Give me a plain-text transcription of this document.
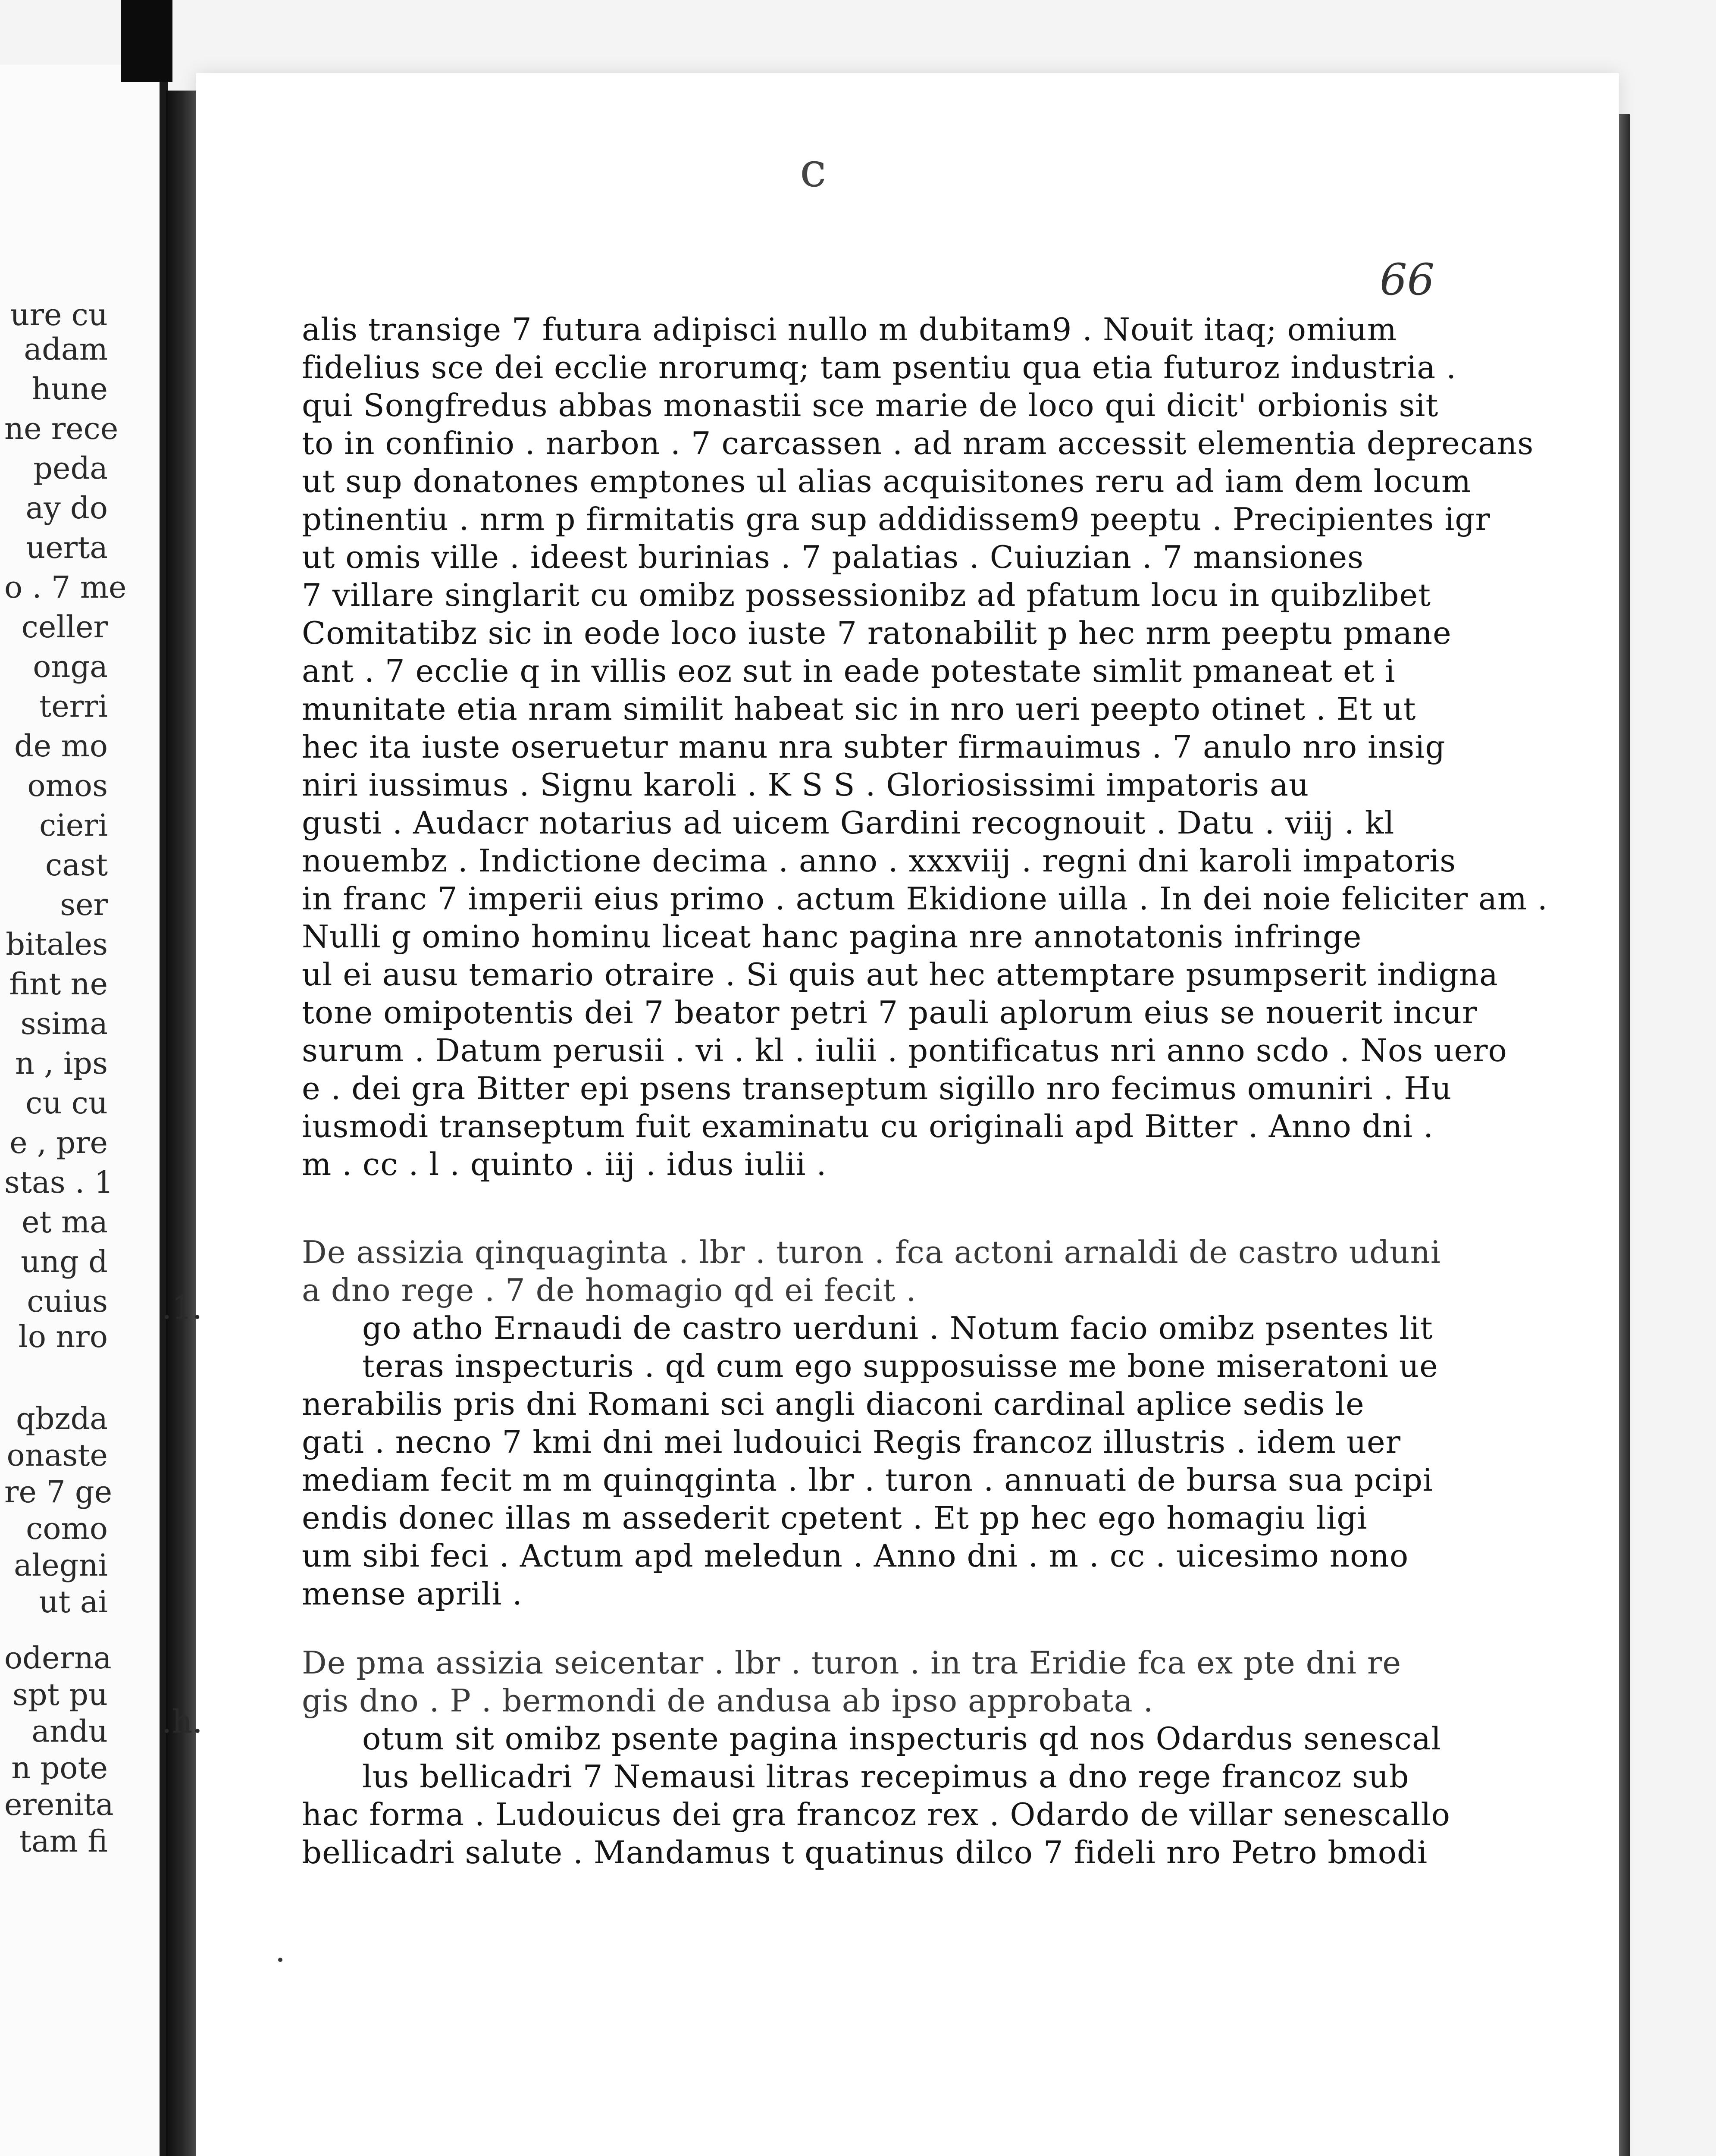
ure cu
adam
hune
ne rece
peda
ay do
uerta
o . 7 me
celler
onga
terri
de mo
omos
cieri
cast
ser
bitales
fint ne
ssima
n , ips
cu cu
e , pre
stas . 1
et ma
ung d
cuius
lo nro
qbzda
onaste
re 7 ge
como
alegni
ut ai
oderna
spt pu
andu
n pote
erenita
tam fi
.1.
.h.
c
66
alis transige 7 futura adipisci nullo m dubitam9 . Nouit itaq; omium
fidelius sce dei ecclie nrorumq; tam psentiu qua etia futuroz industria .
qui Songfredus abbas monastii sce marie de loco qui dicit' orbionis sit
to in confinio . narbon . 7 carcassen . ad nram accessit elementia deprecans
ut sup donatones emptones ul alias acquisitones reru ad iam dem locum
ptinentiu . nrm p firmitatis gra sup addidissem9 peeptu . Precipientes igr
ut omis ville . ideest burinias . 7 palatias . Cuiuzian . 7 mansiones
7 villare singlarit cu omibz possessionibz ad pfatum locu in quibzlibet
Comitatibz sic in eode loco iuste 7 ratonabilit p hec nrm peeptu pmane
ant . 7 ecclie q in villis eoz sut in eade potestate simlit pmaneat et i
munitate etia nram similit habeat sic in nro ueri peepto otinet . Et ut
hec ita iuste oseruetur manu nra subter firmauimus . 7 anulo nro insig
niri iussimus . Signu karoli . K S S . Gloriosissimi impatoris au
gusti . Audacr notarius ad uicem Gardini recognouit . Datu . viij . kl
nouembz . Indictione decima . anno . xxxviij . regni dni karoli impatoris
in franc 7 imperii eius primo . actum Ekidione uilla . In dei noie feliciter am .
Nulli g omino hominu liceat hanc pagina nre annotatonis infringe
ul ei ausu temario otraire . Si quis aut hec attemptare psumpserit indigna
tone omipotentis dei 7 beator petri 7 pauli aplorum eius se nouerit incur
surum . Datum perusii . vi . kl . iulii . pontificatus nri anno scdo . Nos uero
e . dei gra Bitter epi psens transeptum sigillo nro fecimus omuniri . Hu
iusmodi transeptum fuit examinatu cu originali apd Bitter . Anno dni .
m . cc . l . quinto . iij . idus iulii .
De assizia qinquaginta . lbr . turon . fca actoni arnaldi de castro uduni
a dno rege . 7 de homagio qd ei fecit .
go atho Ernaudi de castro uerduni . Notum facio omibz psentes lit
teras inspecturis . qd cum ego supposuisse me bone miseratoni ue
nerabilis pris dni Romani sci angli diaconi cardinal aplice sedis le
gati . necno 7 kmi dni mei ludouici Regis francoz illustris . idem uer
mediam fecit m m quinqginta . lbr . turon . annuati de bursa sua pcipi
endis donec illas m assederit cpetent . Et pp hec ego homagiu ligi
um sibi feci . Actum apd meledun . Anno dni . m . cc . uicesimo nono
mense aprili .
De pma assizia seicentar . lbr . turon . in tra Eridie fca ex pte dni re
gis dno . P . bermondi de andusa ab ipso approbata .
otum sit omibz psente pagina inspecturis qd nos Odardus senescal
lus bellicadri 7 Nemausi litras recepimus a dno rege francoz sub
hac forma . Ludouicus dei gra francoz rex . Odardo de villar senescallo
bellicadri salute . Mandamus t quatinus dilco 7 fideli nro Petro bmodi
